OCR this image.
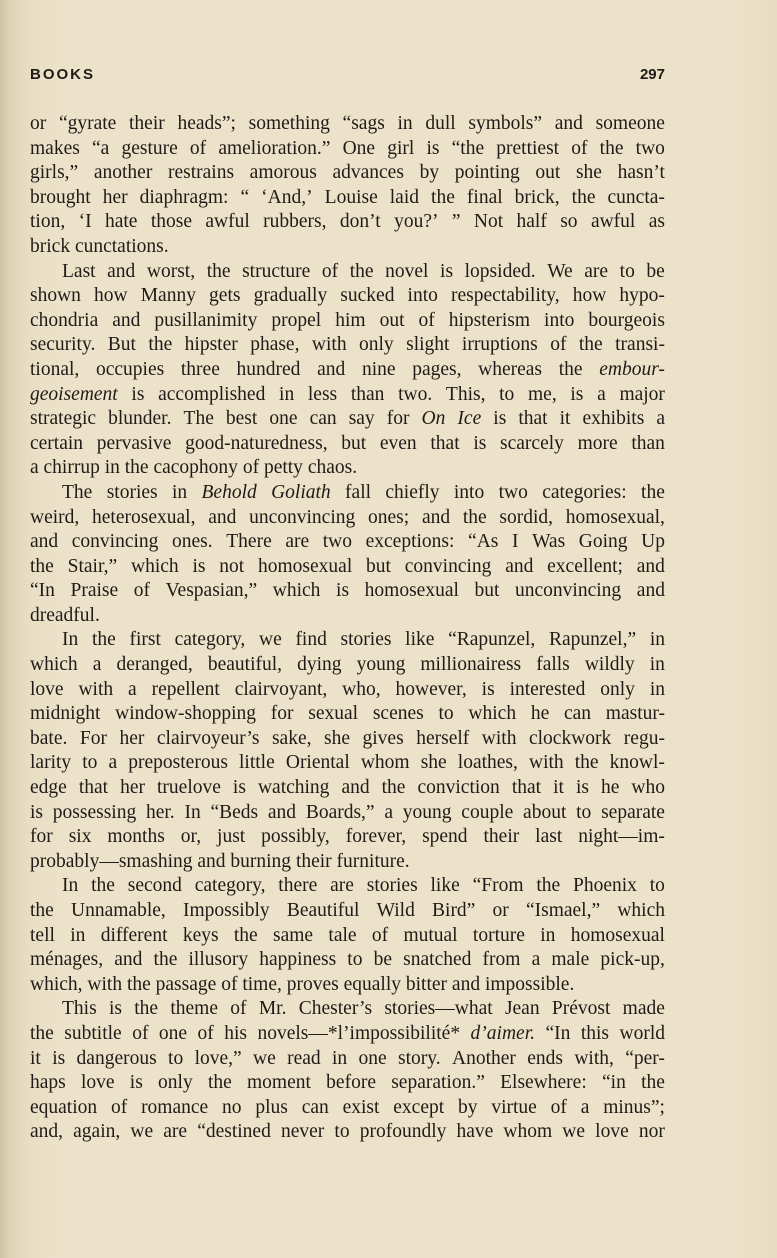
BOOKS	297
or “gyrate their heads”; something “sags in dull symbols” and someone
makes “a gesture of amelioration.” One girl is “the prettiest of the two
girls,” another restrains amorous advances by pointing out she hasn’t
brought her diaphragm: “ ‘And,’ Louise laid the final brick, the cuncta-
tion, ‘I hate those awful rubbers, don’t you?’ ” Not half so awful as
brick cunctations.
Last and worst, the structure of the novel is lopsided. We are to be
shown how Manny gets gradually sucked into respectability, how hypo-
chondria and pusillanimity propel him out of hipsterism into bourgeois
security. But the hipster phase, with only slight irruptions of the transi-
tional, occupies three hundred and nine pages, whereas the embour-
geoisement is accomplished in less than two. This, to me, is a major
strategic blunder. The best one can say for On Ice is that it exhibits a
certain pervasive good-naturedness, but even that is scarcely more than
a chirrup in the cacophony of petty chaos.
The stories in Behold Goliath fall chiefly into two categories: the
weird, heterosexual, and unconvincing ones; and the sordid, homosexual,
and convincing ones. There are two exceptions: “As I Was Going Up
the Stair,” which is not homosexual but convincing and excellent; and
“In Praise of Vespasian,” which is homosexual but unconvincing and
dreadful.
In the first category, we find stories like “Rapunzel, Rapunzel,” in
which a deranged, beautiful, dying young millionairess falls wildly in
love with a repellent clairvoyant, who, however, is interested only in
midnight window-shopping for sexual scenes to which he can mastur-
bate. For her clairvoyeur’s sake, she gives herself with clockwork regu-
larity to a preposterous little Oriental whom she loathes, with the knowl-
edge that her truelove is watching and the conviction that it is he who
is possessing her. In “Beds and Boards,” a young couple about to separate
for six months or, just possibly, forever, spend their last night—im-
probably—smashing and burning their furniture.
In the second category, there are stories like “From the Phoenix to
the Unnamable, Impossibly Beautiful Wild Bird” or “Ismael,” which
tell in different keys the same tale of mutual torture in homosexual
ménages, and the illusory happiness to be snatched from a male pick-up,
which, with the passage of time, proves equally bitter and impossible.
This is the theme of Mr. Chester’s stories—what Jean Prévost made
the subtitle of one of his novels—*l’impossibilité* d’aimer. “In this world
it is dangerous to love,” we read in one story. Another ends with, “per-
haps love is only the moment before separation.” Elsewhere: “in the
equation of romance no plus can exist except by virtue of a minus”;
and, again, we are “destined never to profoundly have whom we love nor
